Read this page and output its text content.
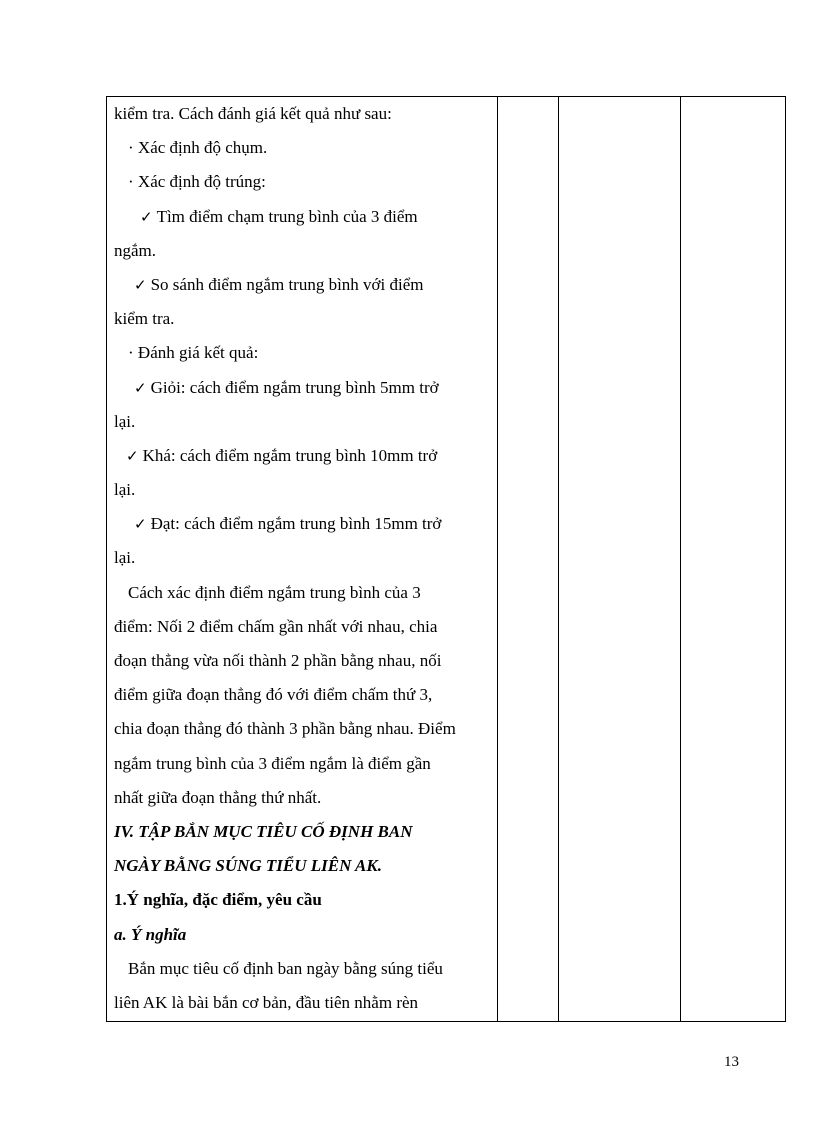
kiểm tra. Cách đánh giá kết quả như sau:
· Xác định độ chụm.
· Xác định độ trúng:
✓ Tìm điểm chạm trung bình của 3 điểm
ngắm.
✓ So sánh điểm ngắm trung bình với điểm
kiểm tra.
· Đánh giá kết quả:
✓ Giỏi: cách điểm ngắm trung bình 5mm trở
lại.
✓ Khá: cách điểm ngắm trung bình 10mm trở
lại.
✓ Đạt: cách điểm ngắm trung bình 15mm trở
lại.
Cách xác định điểm ngắm trung bình của 3
điểm: Nối 2 điểm chấm gần nhất với nhau, chia
đoạn thẳng vừa nối thành 2 phần bằng nhau, nối
điểm giữa đoạn thẳng đó với điểm chấm thứ 3,
chia đoạn thẳng đó thành 3 phần bằng nhau. Điểm
ngắm trung bình của 3 điểm ngắm là điểm gần
nhất giữa đoạn thẳng thứ nhất.
IV. TẬP BẮN MỤC TIÊU CỐ ĐỊNH BAN
NGÀY BẰNG SÚNG TIỂU LIÊN AK.
1.Ý nghĩa, đặc điểm, yêu cầu
a. Ý nghĩa
Bắn mục tiêu cố định ban ngày bằng súng tiểu
liên AK là bài bắn cơ bản, đầu tiên nhằm rèn
13
